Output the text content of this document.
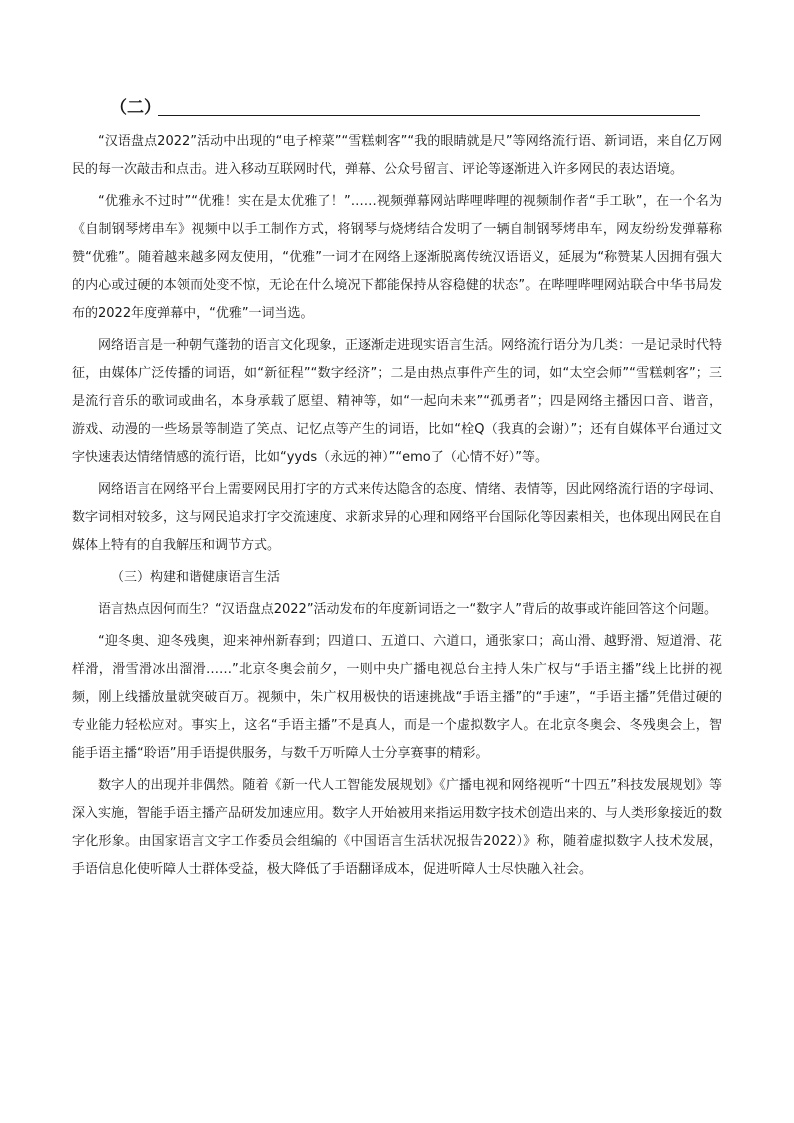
（二）

“汉语盘点2022”活动中出现的“电子榨菜”“雪糕刺客”“我的眼睛就是尺”等网络流行语、新词语，来自亿万网民的每一次敲击和点击。进入移动互联网时代，弹幕、公众号留言、评论等逐渐进入许多网民的表达语境。

“优雅永不过时”“优雅！实在是太优雅了！”……视频弹幕网站哔哩哔哩的视频制作者“手工耿”，在一个名为《自制钢琴烤串车》视频中以手工制作方式，将钢琴与烧烤结合发明了一辆自制钢琴烤串车，网友纷纷发弹幕称赞“优雅”。随着越来越多网友使用，“优雅”一词才在网络上逐渐脱离传统汉语语义，延展为“称赞某人因拥有强大的内心或过硬的本领而处变不惊，无论在什么境况下都能保持从容稳健的状态”。在哔哩哔哩网站联合中华书局发布的2022年度弹幕中，“优雅”一词当选。

网络语言是一种朝气蓬勃的语言文化现象，正逐渐走进现实语言生活。网络流行语分为几类：一是记录时代特征，由媒体广泛传播的词语，如“新征程”“数字经济”；二是由热点事件产生的词，如“太空会师”“雪糕刺客”；三是流行音乐的歌词或曲名，本身承载了愿望、精神等，如“一起向未来”“孤勇者”；四是网络主播因口音、谐音，游戏、动漫的一些场景等制造了笑点、记忆点等产生的词语，比如“栓Q（我真的会谢）”；还有自媒体平台通过文字快速表达情绪情感的流行语，比如“yyds（永远的神）”“emo了（心情不好）”等。

网络语言在网络平台上需要网民用打字的方式来传达隐含的态度、情绪、表情等，因此网络流行语的字母词、数字词相对较多，这与网民追求打字交流速度、求新求异的心理和网络平台国际化等因素相关，也体现出网民在自媒体上特有的自我解压和调节方式。

（三）构建和谐健康语言生活

语言热点因何而生？“汉语盘点2022”活动发布的年度新词语之一“数字人”背后的故事或许能回答这个问题。

“迎冬奥、迎冬残奥，迎来神州新春到；四道口、五道口、六道口，通张家口；高山滑、越野滑、短道滑、花样滑，滑雪滑冰出溜滑……”北京冬奥会前夕，一则中央广播电视总台主持人朱广权与“手语主播”线上比拼的视频，刚上线播放量就突破百万。视频中，朱广权用极快的语速挑战“手语主播”的“手速”，“手语主播”凭借过硬的专业能力轻松应对。事实上，这名“手语主播”不是真人，而是一个虚拟数字人。在北京冬奥会、冬残奥会上，智能手语主播“聆语”用手语提供服务，与数千万听障人士分享赛事的精彩。

数字人的出现并非偶然。随着《新一代人工智能发展规划》《广播电视和网络视听“十四五”科技发展规划》等深入实施，智能手语主播产品研发加速应用。数字人开始被用来指运用数字技术创造出来的、与人类形象接近的数字化形象。由国家语言文字工作委员会组编的《中国语言生活状况报告2022）》称，随着虚拟数字人技术发展，手语信息化使听障人士群体受益，极大降低了手语翻译成本，促进听障人士尽快融入社会。
